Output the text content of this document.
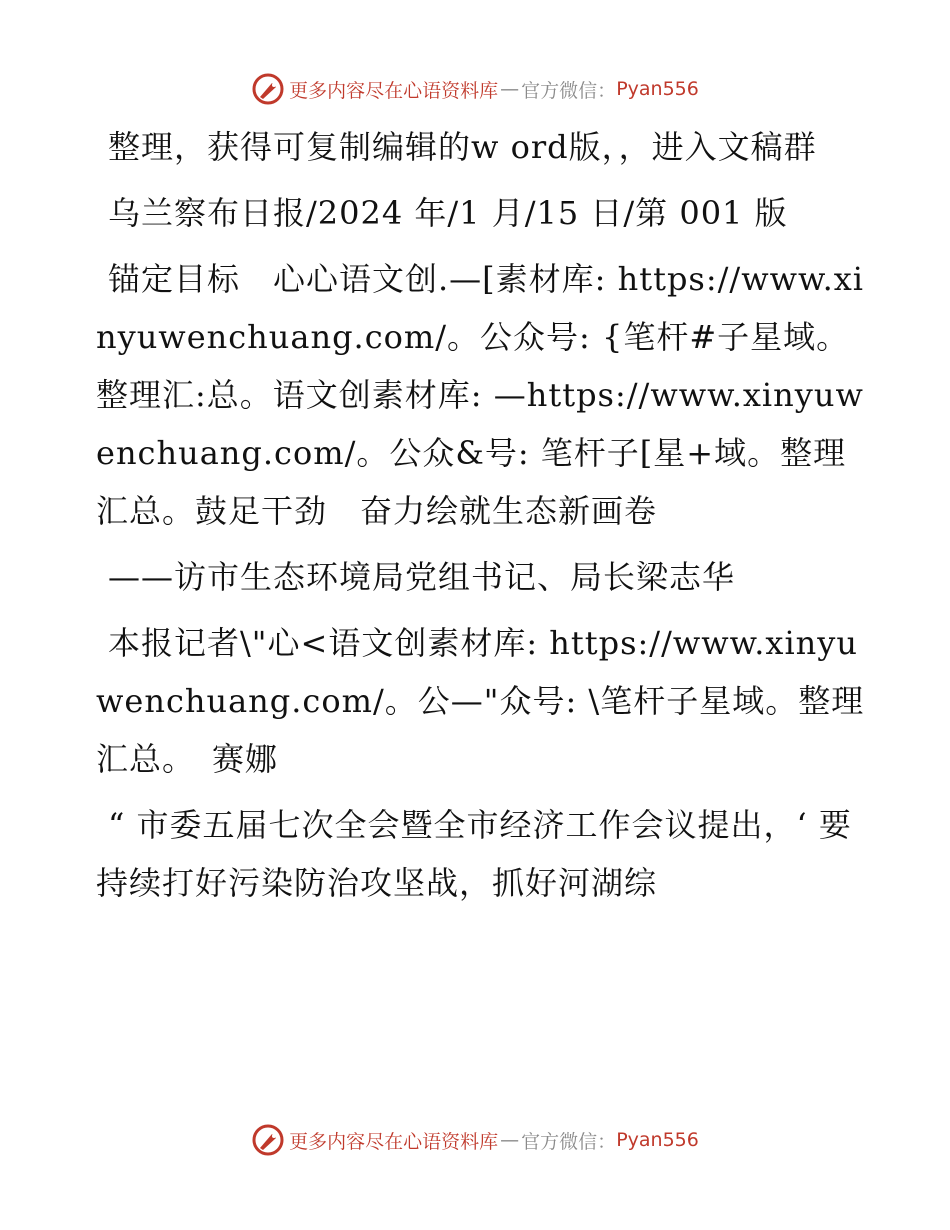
更多内容尽在心语资料库 — 官方微信： Pyan556

整理，获得可复制编辑的w ord版，，进入文稿群

乌兰察布日报/2024 年/1 月/15 日/第 001 版

锚定目标　心心语文创.—[素材库: https://www.xinyuwenchuang.com/。公众号: {笔杆#子星域。整理汇:总。语文创素材库: —https://www.xinyuwenchuang.com/。公众&号: 笔杆子[星+域。整理汇总。鼓足干劲　奋力绘就生态新画卷

——访市生态环境局党组书记、局长梁志华

本报记者\"心<语文创素材库: https://www.xinyuwenchuang.com/。公—"众号: \笔杆子星域。整理汇总。　赛娜

“ 市委五届七次全会暨全市经济工作会议提出，‘ 要持续打好污染防治攻坚战，抓好河湖综

更多内容尽在心语资料库 — 官方微信： Pyan556
